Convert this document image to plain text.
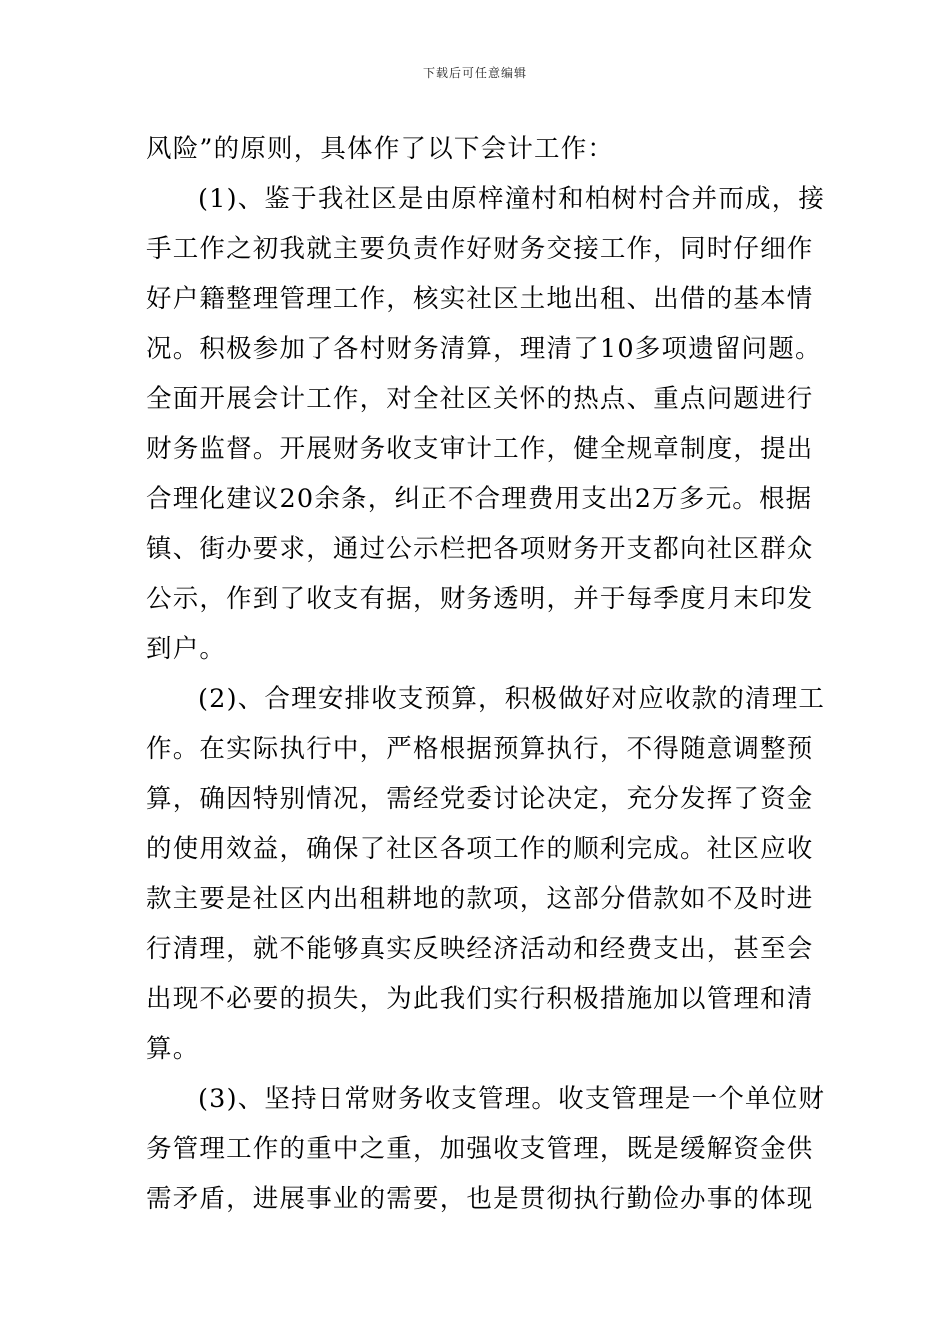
下载后可任意编辑
风险”的原则，具体作了以下会计工作：
(1)、鉴于我社区是由原梓潼村和柏树村合并而成，接
手工作之初我就主要负责作好财务交接工作，同时仔细作
好户籍整理管理工作，核实社区土地出租、出借的基本情
况。积极参加了各村财务清算，理清了10多项遗留问题。
全面开展会计工作，对全社区关怀的热点、重点问题进行
财务监督。开展财务收支审计工作，健全规章制度，提出
合理化建议20余条，纠正不合理费用支出2万多元。根据
镇、街办要求，通过公示栏把各项财务开支都向社区群众
公示，作到了收支有据，财务透明，并于每季度月末印发
到户。
(2)、合理安排收支预算，积极做好对应收款的清理工
作。在实际执行中，严格根据预算执行，不得随意调整预
算，确因特别情况，需经党委讨论决定，充分发挥了资金
的使用效益，确保了社区各项工作的顺利完成。社区应收
款主要是社区内出租耕地的款项，这部分借款如不及时进
行清理，就不能够真实反映经济活动和经费支出，甚至会
出现不必要的损失，为此我们实行积极措施加以管理和清
算。
(3)、坚持日常财务收支管理。收支管理是一个单位财
务管理工作的重中之重，加强收支管理，既是缓解资金供
需矛盾，进展事业的需要，也是贯彻执行勤俭办事的体现
